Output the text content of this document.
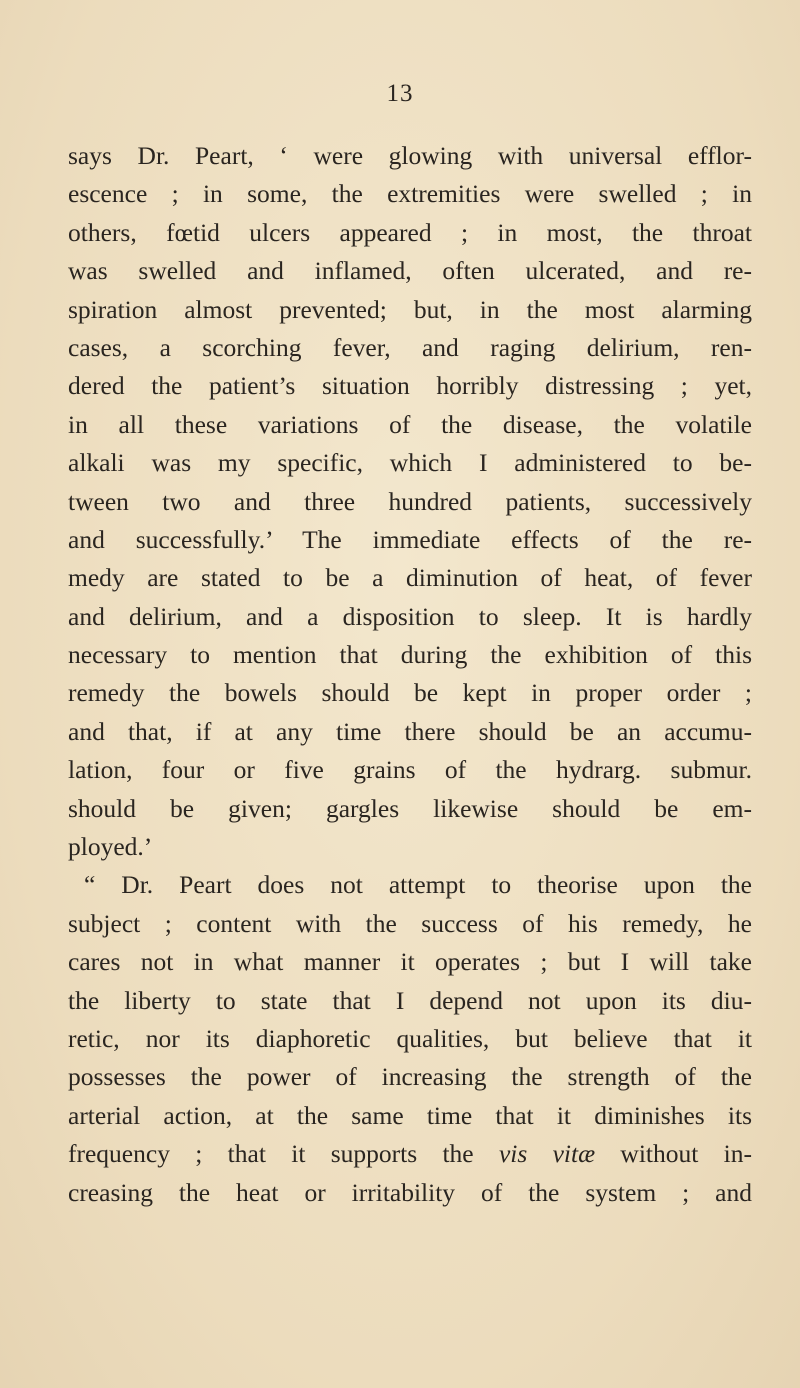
13
says Dr. Peart, ‘ were glowing with universal efflor-
escence ; in some, the extremities were swelled ; in
others, fœtid ulcers appeared ; in most, the throat
was swelled and inflamed, often ulcerated, and re-
spiration almost prevented; but, in the most alarming
cases, a scorching fever, and raging delirium, ren-
dered the patient’s situation horribly distressing ; yet,
in all these variations of the disease, the volatile
alkali was my specific, which I administered to be-
tween two and three hundred patients, successively
and successfully.’ The immediate effects of the re-
medy are stated to be a diminution of heat, of fever
and delirium, and a disposition to sleep. It is hardly
necessary to mention that during the exhibition of this
remedy the bowels should be kept in proper order ;
and that, if at any time there should be an accumu-
lation, four or five grains of the hydrarg. submur.
should be given; gargles likewise should be em-
ployed.’
“ Dr. Peart does not attempt to theorise upon the
subject ; content with the success of his remedy, he
cares not in what manner it operates ; but I will take
the liberty to state that I depend not upon its diu-
retic, nor its diaphoretic qualities, but believe that it
possesses the power of increasing the strength of the
arterial action, at the same time that it diminishes its
frequency ; that it supports the vis vitæ without in-
creasing the heat or irritability of the system ; and
